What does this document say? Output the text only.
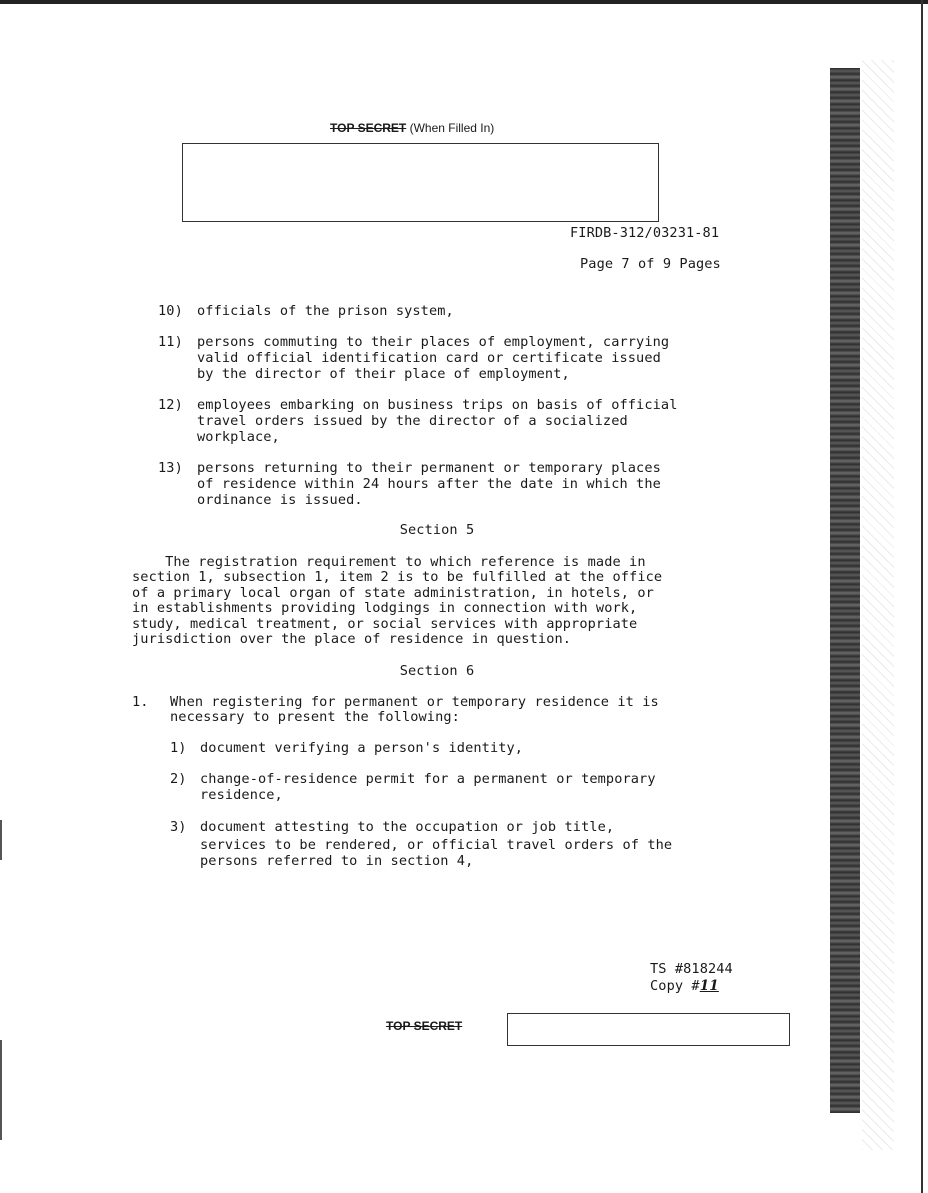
TOP SECRET (When Filled In)
FIRDB-312/03231-81
Page 7 of 9 Pages
10) officials of the prison system,
11) persons commuting to their places of employment, carrying
valid official identification card or certificate issued
by the director of their place of employment,
12) employees embarking on business trips on basis of official
travel orders issued by the director of a socialized
workplace,
13) persons returning to their permanent or temporary places
of residence within 24 hours after the date in which the
ordinance is issued.
Section 5
The registration requirement to which reference is made in
section 1, subsection 1, item 2 is to be fulfilled at the office
of a primary local organ of state administration, in hotels, or
in establishments providing lodgings in connection with work,
study, medical treatment, or social services with appropriate
jurisdiction over the place of residence in question.
Section 6
1. When registering for permanent or temporary residence it is
necessary to present the following:
1) document verifying a person's identity,
2) change-of-residence permit for a permanent or temporary
residence,
3) document attesting to the occupation or job title,
services to be rendered, or official travel orders of the
persons referred to in section 4,
TS #818244
Copy #11
TOP SECRET
